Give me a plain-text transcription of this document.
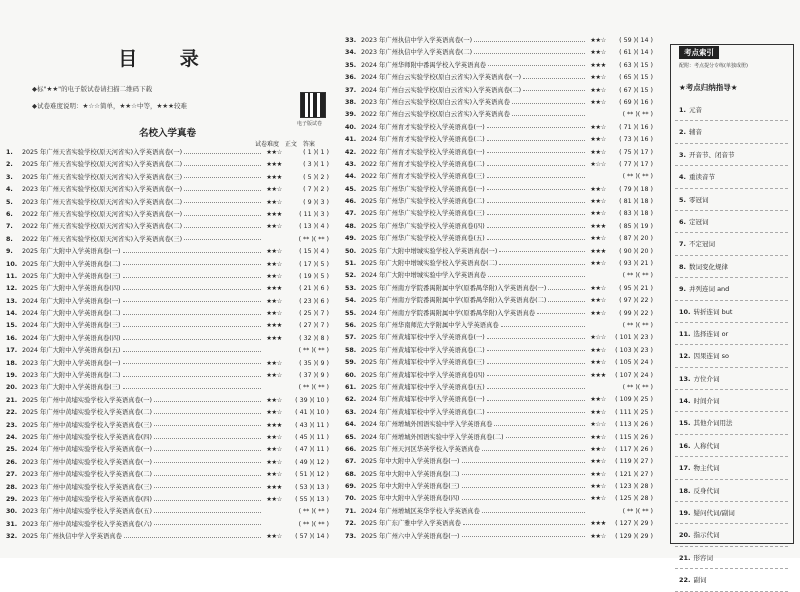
目 录
◆标"★★"的电子版试卷请扫描二维码下载
◆试卷难度说明：★☆☆简单，★★☆中等，★★★较难
电子版试卷
名校入学真卷
试卷难度 正文 答案
1.	2025 年广州天省实验学校(原天河省实)入学英语真卷(一)	★★☆	( 1 )( 1 )
2.	2025 年广州天省实验学校(原天河省实)入学英语真卷(二)	★★★	( 3 )( 1 )
3.	2025 年广州天省实验学校(原天河省实)入学英语真卷(三)	★★★	( 5 )( 2 )
4.	2023 年广州天省实验学校(原天河省实)入学英语真卷(一)	★★☆	( 7 )( 2 )
5.	2023 年广州天省实验学校(原天河省实)入学英语真卷(二)	★★☆	( 9 )( 3 )
6.	2022 年广州天省实验学校(原天河省实)入学英语真卷(一)	★★★	( 11 )( 3 )
7.	2022 年广州天省实验学校(原天河省实)入学英语真卷(二)	★★☆	( 13 )( 4 )
8.	2022 年广州天省实验学校(原天河省实)入学英语真卷(三)	( ** )( ** )
9.	2025 年广大附中入学英语真卷(一)	★★☆	( 15 )( 4 )
10. 2025 年广大附中入学英语真卷(二)	★★☆	( 17 )( 5 )
11. 2025 年广大附中入学英语真卷(三)	★★☆	( 19 )( 5 )
12. 2025 年广大附中入学英语真卷(四)	★★★	( 21 )( 6 )
13. 2024 年广大附中入学英语真卷(一)	★★☆	( 23 )( 6 )
14. 2024 年广大附中入学英语真卷(二)	★★☆	( 25 )( 7 )
15. 2024 年广大附中入学英语真卷(三)	★★★	( 27 )( 7 )
16. 2024 年广大附中入学英语真卷(四)	★★★	( 32 )( 8 )
17. 2024 年广大附中入学英语真卷(五)	( ** )( ** )
18. 2023 年广大附中入学英语真卷(一)	★★☆	( 35 )( 9 )
19. 2023 年广大附中入学英语真卷(二)	★★☆	( 37 )( 9 )
20. 2023 年广大附中入学英语真卷(三)	( ** )( ** )
21. 2025 年广州中黄埔实验学校入学英语真卷(一)	★★☆	( 39 )( 10 )
22. 2025 年广州中黄埔实验学校入学英语真卷(二)	★★☆	( 41 )( 10 )
23. 2025 年广州中黄埔实验学校入学英语真卷(三)	★★★	( 43 )( 11 )
24. 2025 年广州中黄埔实验学校入学英语真卷(四)	★★☆	( 45 )( 11 )
25. 2024 年广州中黄埔实验学校入学英语真卷(一)	★★☆	( 47 )( 11 )
26. 2023 年广州中黄埔实验学校入学英语真卷(一)	★★☆	( 49 )( 12 )
27. 2023 年广州中黄埔实验学校入学英语真卷(二)	★★☆	( 51 )( 12 )
28. 2023 年广州中黄埔实验学校入学英语真卷(三)	★★★	( 53 )( 13 )
29. 2023 年广州中黄埔实验学校入学英语真卷(四)	★★☆	( 55 )( 13 )
30. 2023 年广州中黄埔实验学校入学英语真卷(五)	( ** )( ** )
31. 2023 年广州中黄埔实验学校入学英语真卷(六)	( ** )( ** )
32. 2025 年广州执信中学入学英语真卷	★★☆	( 57 )( 14 )
33. 2023 年广州执信中学入学英语真卷(一)	★★☆	( 59 )( 14 )
34. 2023 年广州执信中学入学英语真卷(二)	★★☆	( 61 )( 14 )
35. 2024 年广州华师附中番禺学校入学英语真卷	★★★	( 63 )( 15 )
36. 2024 年广州白云实验学校(原白云省实)入学英语真卷(一)	★★☆	( 65 )( 15 )
37. 2024 年广州白云实验学校(原白云省实)入学英语真卷(二)	★★☆	( 67 )( 15 )
38. 2023 年广州白云实验学校(原白云省实)入学英语真卷	★★☆	( 69 )( 16 )
39. 2022 年广州白云实验学校(原白云省实)入学英语真卷	( ** )( ** )
40. 2024 年广州育才实验学校入学英语真卷(一)	★★☆	( 71 )( 16 )
41. 2024 年广州育才实验学校入学英语真卷(二)	★★☆	( 73 )( 16 )
42. 2022 年广州育才实验学校入学英语真卷(一)	★★☆	( 75 )( 17 )
43. 2022 年广州育才实验学校入学英语真卷(二)	★☆☆	( 77 )( 17 )
44. 2022 年广州育才实验学校入学英语真卷(三)	( ** )( ** )
45. 2025 年广州华广实验学校入学英语真卷(一)	★★☆	( 79 )( 18 )
46. 2025 年广州华广实验学校入学英语真卷(二)	★★☆	( 81 )( 18 )
47. 2025 年广州华广实验学校入学英语真卷(三)	★★☆	( 83 )( 18 )
48. 2025 年广州华广实验学校入学英语真卷(四)	★★★	( 85 )( 19 )
49. 2025 年广州华广实验学校入学英语真卷(五)	★★☆	( 87 )( 20 )
50. 2025 年广大附中增城实验学校入学英语真卷(一)	★★★	( 90 )( 20 )
51. 2025 年广大附中增城实验学校入学英语真卷(二)	★★☆	( 93 )( 21 )
52. 2024 年广大附中增城实验中学入学英语真卷	( ** )( ** )
53. 2025 年广州南方学院番禺附属中学(原番禺华附)入学英语真卷(一)	★★☆	( 95 )( 21 )
54. 2025 年广州南方学院番禺附属中学(原番禺华附)入学英语真卷(二)	★★☆	( 97 )( 22 )
55. 2024 年广州南方学院番禺附属中学(原番禺华附)入学英语真卷	★★☆	( 99 )( 22 )
56. 2025 年广州华南师范大学附属中学入学英语真卷	( ** )( ** )
57. 2025 年广州黄埔军校中学入学英语真卷(一)	★☆☆	( 101 )( 23 )
58. 2025 年广州黄埔军校中学入学英语真卷(二)	★★☆	( 103 )( 23 )
59. 2025 年广州黄埔军校中学入学英语真卷(三)	★★☆	( 105 )( 24 )
60. 2025 年广州黄埔军校中学入学英语真卷(四)	★★★	( 107 )( 24 )
61. 2025 年广州黄埔军校中学入学英语真卷(五)	( ** )( ** )
62. 2024 年广州黄埔军校中学入学英语真卷(一)	★★☆	( 109 )( 25 )
63. 2024 年广州黄埔军校中学入学英语真卷(二)	★★☆	( 111 )( 25 )
64. 2024 年广州增城外国语实验中学入学英语真卷	★☆☆	( 113 )( 26 )
65. 2024 年广州增城外国语实验中学入学英语真卷(二)	★★☆	( 115 )( 26 )
66. 2025 年广州天河区华英学校入学英语真卷	★★☆	( 117 )( 26 )
67. 2025 年中大附中入学英语真卷(一)	★★☆	( 119 )( 27 )
68. 2025 年中大附中入学英语真卷(二)	★★☆	( 121 )( 27 )
69. 2025 年中大附中入学英语真卷(三)	★★☆	( 123 )( 28 )
70. 2025 年中大附中入学英语真卷(四)	★★☆	( 125 )( 28 )
71. 2024 年广州增城区英华学校入学英语真卷	( ** )( ** )
72. 2025 年广东广雅中学入学英语真卷	★★★	( 127 )( 29 )
73. 2025 年广州六中入学英语真卷(一)	★★☆	( 129 )( 29 )
考点索引
配附：考点提分专练(单独成册)
★考点归纳指导★
1. 元音
2. 辅音
3. 开音节、闭音节
4. 重读音节
5. 零冠词
6. 定冠词
7. 不定冠词
8. 数词变化规律
9. 并列连词 and
10. 转折连词 but
11. 选择连词 or
12. 因果连词 so
13. 方位介词
14. 时间介词
15. 其他介词用法
16. 人称代词
17. 物主代词
18. 反身代词
19. 疑问代词/副词
20. 指示代词
21. 形容词
22. 副词
